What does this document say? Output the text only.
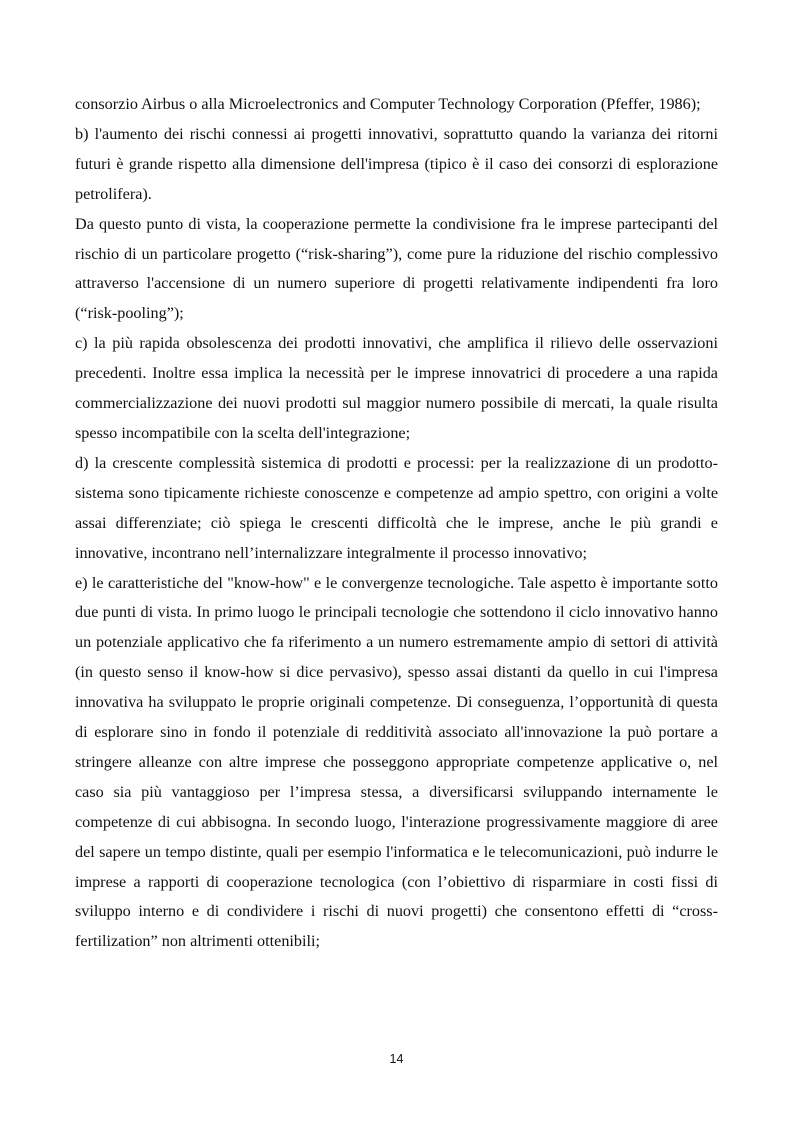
consorzio Airbus o alla Microelectronics and Computer Technology Corporation (Pfeffer, 1986);

b) l'aumento dei rischi connessi ai progetti innovativi, soprattutto quando la varianza dei ritorni futuri è grande rispetto alla dimensione dell'impresa (tipico è il caso dei consorzi di esplorazione petrolifera).

Da questo punto di vista, la cooperazione permette la condivisione fra le imprese partecipanti del rischio di un particolare progetto (“risk-sharing”), come pure la riduzione del rischio complessivo attraverso l'accensione di un numero superiore di progetti relativamente indipendenti fra loro (“risk-pooling”);

c) la più rapida obsolescenza dei prodotti innovativi, che amplifica il rilievo delle osservazioni precedenti. Inoltre essa implica la necessità per le imprese innovatrici di procedere a una rapida commercializzazione dei nuovi prodotti sul maggior numero possibile di mercati, la quale risulta spesso incompatibile con la scelta dell'integrazione;

d) la crescente complessità sistemica di prodotti e processi: per la realizzazione di un prodotto-sistema sono tipicamente richieste conoscenze e competenze ad ampio spettro, con origini a volte assai differenziate; ciò spiega le crescenti difficoltà che le imprese, anche le più grandi e innovative, incontrano nell’internalizzare integralmente il processo innovativo;

e) le caratteristiche del "know-how" e le convergenze tecnologiche. Tale aspetto è importante sotto due punti di vista. In primo luogo le principali tecnologie che sottendono il ciclo innovativo hanno un potenziale applicativo che fa riferimento a un numero estremamente ampio di settori di attività (in questo senso il know-how si dice pervasivo), spesso assai distanti da quello in cui l'impresa innovativa ha sviluppato le proprie originali competenze. Di conseguenza, l’opportunità di questa di esplorare sino in fondo il potenziale di redditività associato all'innovazione la può portare a stringere alleanze con altre imprese che posseggono appropriate competenze applicative o, nel caso sia più vantaggioso per l’impresa stessa, a diversificarsi sviluppando internamente le competenze di cui abbisogna. In secondo luogo, l'interazione progressivamente maggiore di aree del sapere un tempo distinte, quali per esempio l'informatica e le telecomunicazioni, può indurre le imprese a rapporti di cooperazione tecnologica (con l’obiettivo di risparmiare in costi fissi di sviluppo interno e di condividere i rischi di nuovi progetti) che consentono effetti di “cross-fertilization” non altrimenti ottenibili;

14
